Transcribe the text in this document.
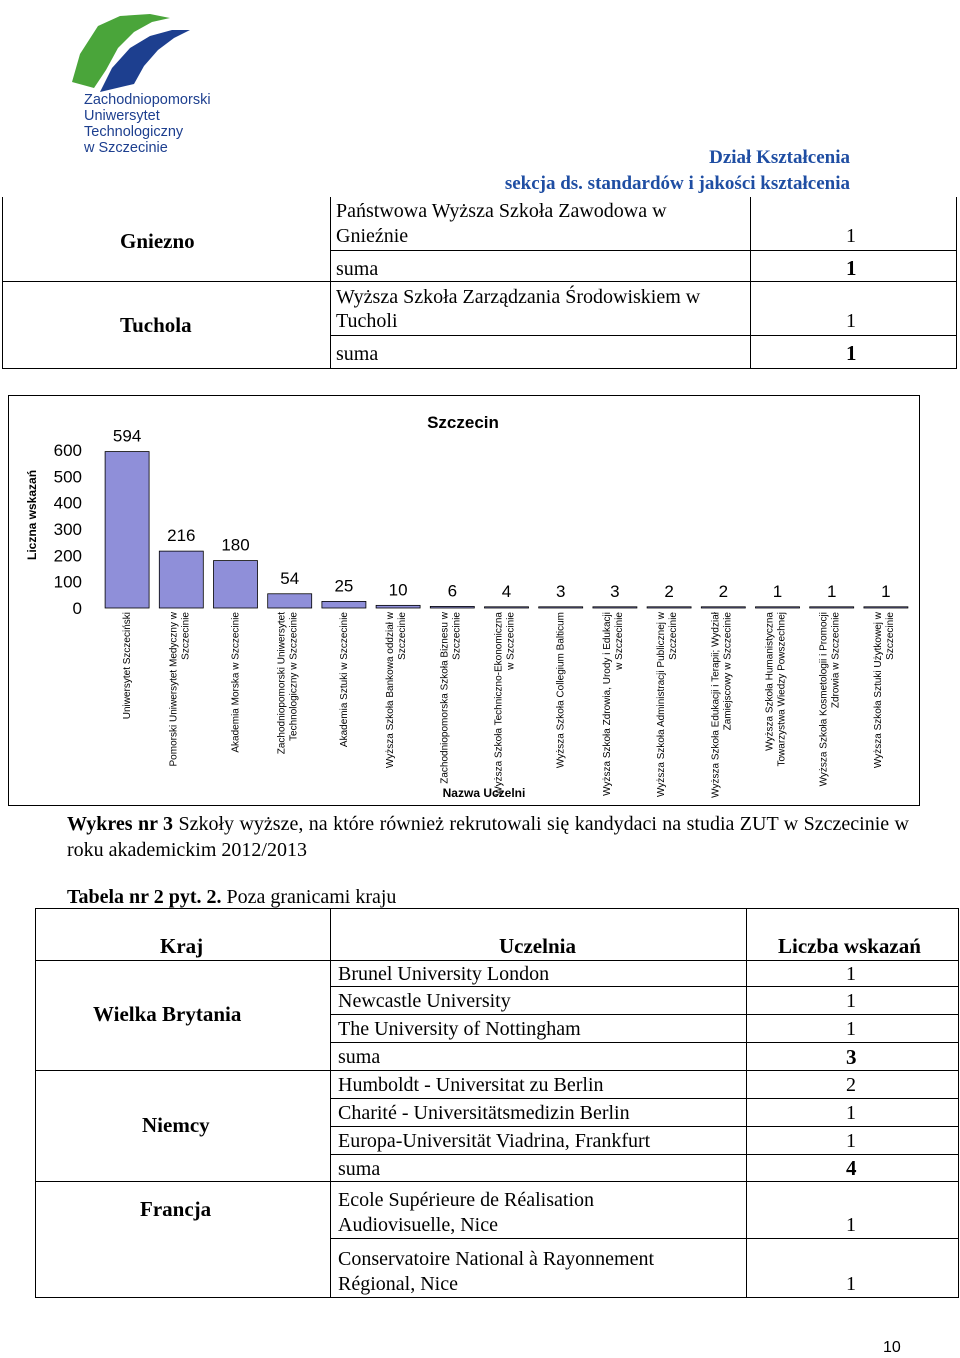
Zachodniopomorski
Uniwersytet
Technologiczny
w Szczecinie	Dział Kształcenia
sekcja ds. standardów i jakości kształcenia
Gniezno
Państwowa Wyższa Szkoła Zawodowa w
Gnieźnie	1
suma	1
Tuchola
Wyższa Szkoła Zarządzania Środowiskiem w
Tucholi	1
suma	1
Szczecin
Liczna wskazań
Nazwa Uczelni
600
500
400
300
200
100
0
594
216 180
54 25 10 6	4	3	3	2	2	1	1	1
Uniwersytet Szczeciński	Pomorski Uniwersytet Medyczny wSzczecinie	Akademia Morska w Szczecinie	Zachodniopomorski UniwersytetTechnologiczny w Szczecinie	Akademia Sztuki w Szczecinie	Wyższa Szkoła Bankowa oddział wSzczecinie	Zachodniopomorska Szkoła Biznesu wSzczecinie	Wyższa Szkoła Techniczno-Ekonomicznaw Szczecinie	Wyższa Szkoła Collegium Balticum	Wyższa Szkoła Zdrowia, Urody i Edukacjiw Szczecinie	Wyższa Szkoła Administracji Publicznej wSzczecinie	Wyższa Szkoła Edukacji i Terapii; WydziałZamiejscowy w Szczecinie	Wyższa Szkoła HumanistycznaTowarzystwa Wiedzy Powszechnej	Wyższa Szkoła Kosmetologii i PromocjiZdrowia w Szczecinie	Wyższa Szkoła Sztuki Użytkowej wSzczecinie
Wykres nr 3 Szkoły wyższe, na które również rekrutowali się kandydaci na studia ZUT w Szczecinie w roku akademickim 2012/2013
Tabela nr 2 pyt. 2. Poza granicami kraju
Kraj	Uczelnia	Liczba wskazań
Wielka Brytania
Brunel University London	1
Newcastle University	1
The University of Nottingham	1
suma	3
Niemcy
Humboldt - Universitat zu Berlin	2
Charité - Universitätsmedizin Berlin	1
Europa-Universität Viadrina, Frankfurt	1
suma	4
Francja	Ecole Supérieure de Réalisation
Audiovisuelle, Nice	1
Conservatoire National à Rayonnement
Régional, Nice	1
10
